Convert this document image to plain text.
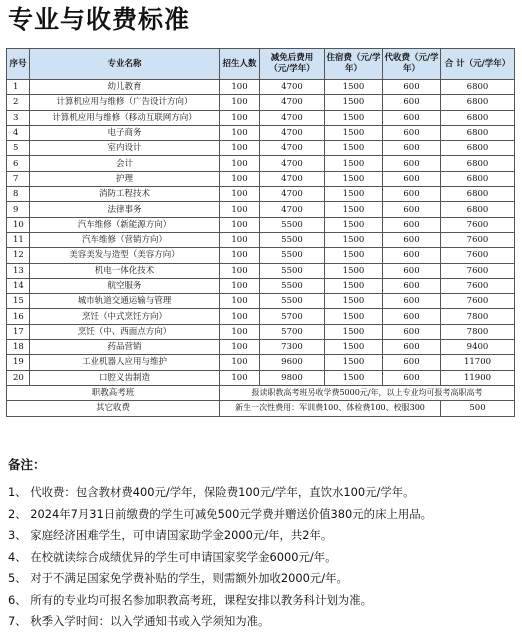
专业与收费标准
序号	专业名称	招生人数	减免后费用（元/学年）	住宿费（元/学年）	代收费（元/学年）	合 计（元/学年）
1	幼儿教育	100	4700	1500	600	6800
2	计算机应用与维修（广告设计方向）	100	4700	1500	600	6800
3	计算机应用与维修（移动互联网方向）	100	4700	1500	600	6800
4	电子商务	100	4700	1500	600	6800
5	室内设计	100	4700	1500	600	6800
6	会计	100	4700	1500	600	6800
7	护理	100	4700	1500	600	6800
8	消防工程技术	100	4700	1500	600	6800
9	法律事务	100	4700	1500	600	6800
10	汽车维修（新能源方向）	100	5500	1500	600	7600
11	汽车维修（营销方向）	100	5500	1500	600	7600
12	美容美发与造型（美容方向）	100	5500	1500	600	7600
13	机电一体化技术	100	5500	1500	600	7600
14	航空服务	100	5500	1500	600	7600
15	城市轨道交通运输与管理	100	5500	1500	600	7600
16	烹饪（中式烹饪方向）	100	5700	1500	600	7800
17	烹饪（中、西面点方向）	100	5700	1500	600	7800
18	药品营销	100	7300	1500	600	9400
19	工业机器人应用与维护	100	9600	1500	600	11700
20	口腔义齿制造	100	9800	1500	600	11900
职教高考班		报读职教高考班另收学费5000元/年，以上专业均可报考高职高考				
其它收费		新生一次性费用：军训费100、体检费100、校服300				500
备注：
1、 代收费：包含教材费400元/学年，保险费100元/学年，直饮水100元/学年。
2、 2024年7月31日前缴费的学生可减免500元学费并赠送价值380元的床上用品。
3、 家庭经济困难学生，可申请国家助学金2000元/年，共2年。
4、 在校就读综合成绩优异的学生可申请国家奖学金6000元/年。
5、 对于不满足国家免学费补贴的学生，则需额外加收2000元/年。
6、 所有的专业均可报名参加职教高考班，课程安排以教务科计划为准。
7、 秋季入学时间：以入学通知书或入学须知为准。
